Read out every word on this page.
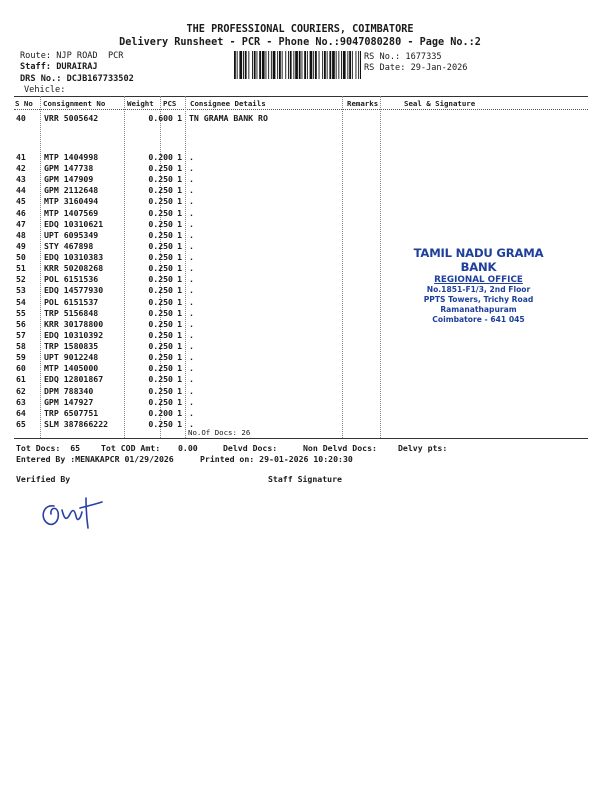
THE PROFESSIONAL COURIERS, COIMBATORE
Delivery Runsheet - PCR - Phone No.:9047080280 - Page No.:2
Route: NJP ROAD  PCR
Staff: DURAIRAJ
DRS No.: DCJB167733502
Vehicle:
RS No.: 1677335
RS Date: 29-Jan-2026
S No Consignment No	Weight PCS Consignee Details	Remarks	Seal & Signature
40 VRR 5005642	0.600 1 TN GRAMA BANK RO
41 MTP 1404998	0.200 1 .
42 GPM 147738	0.250 1 .
43 GPM 147909	0.250 1 .
44 GPM 2112648	0.250 1 .
45 MTP 3160494	0.250 1 .
46 MTP 1407569	0.250 1 .
47 EDQ 10310621	0.250 1 .
48 UPT 6095349	0.250 1 .
49 STY 467898	0.250 1 .
50 EDQ 10310383	0.250 1 .
51 KRR 50208268	0.250 1 .
52 POL 6151536	0.250 1 .
53 EDQ 14577930	0.250 1 .
54 POL 6151537	0.250 1 .
55 TRP 5156848	0.250 1 .
56 KRR 30178800	0.250 1 .
57 EDQ 10310392	0.250 1 .
58 TRP 1580835	0.250 1 .
59 UPT 9012248	0.250 1 .
60 MTP 1405000	0.250 1 .
61 EDQ 12801867	0.250 1 .
62 DPM 788340	0.250 1 .
63 GPM 147927	0.250 1 .
64 TRP 6507751	0.200 1 .
65 SLM 387866222	0.250 1 .
No.Of Docs: 26
TAMIL NADU GRAMA BANK
REGIONAL OFFICE
No.1851-F1/3, 2nd Floor
PPTS Towers, Trichy Road
Ramanathapuram
Coimbatore - 641 045
Tot Docs:  65	Tot COD Amt: 0.00	Delvd Docs:	Non Delvd Docs:	Delvy pts:
Entered By :MENAKAPCR 01/29/2026	Printed on: 29-01-2026 10:20:30
Verified By	Staff Signature
